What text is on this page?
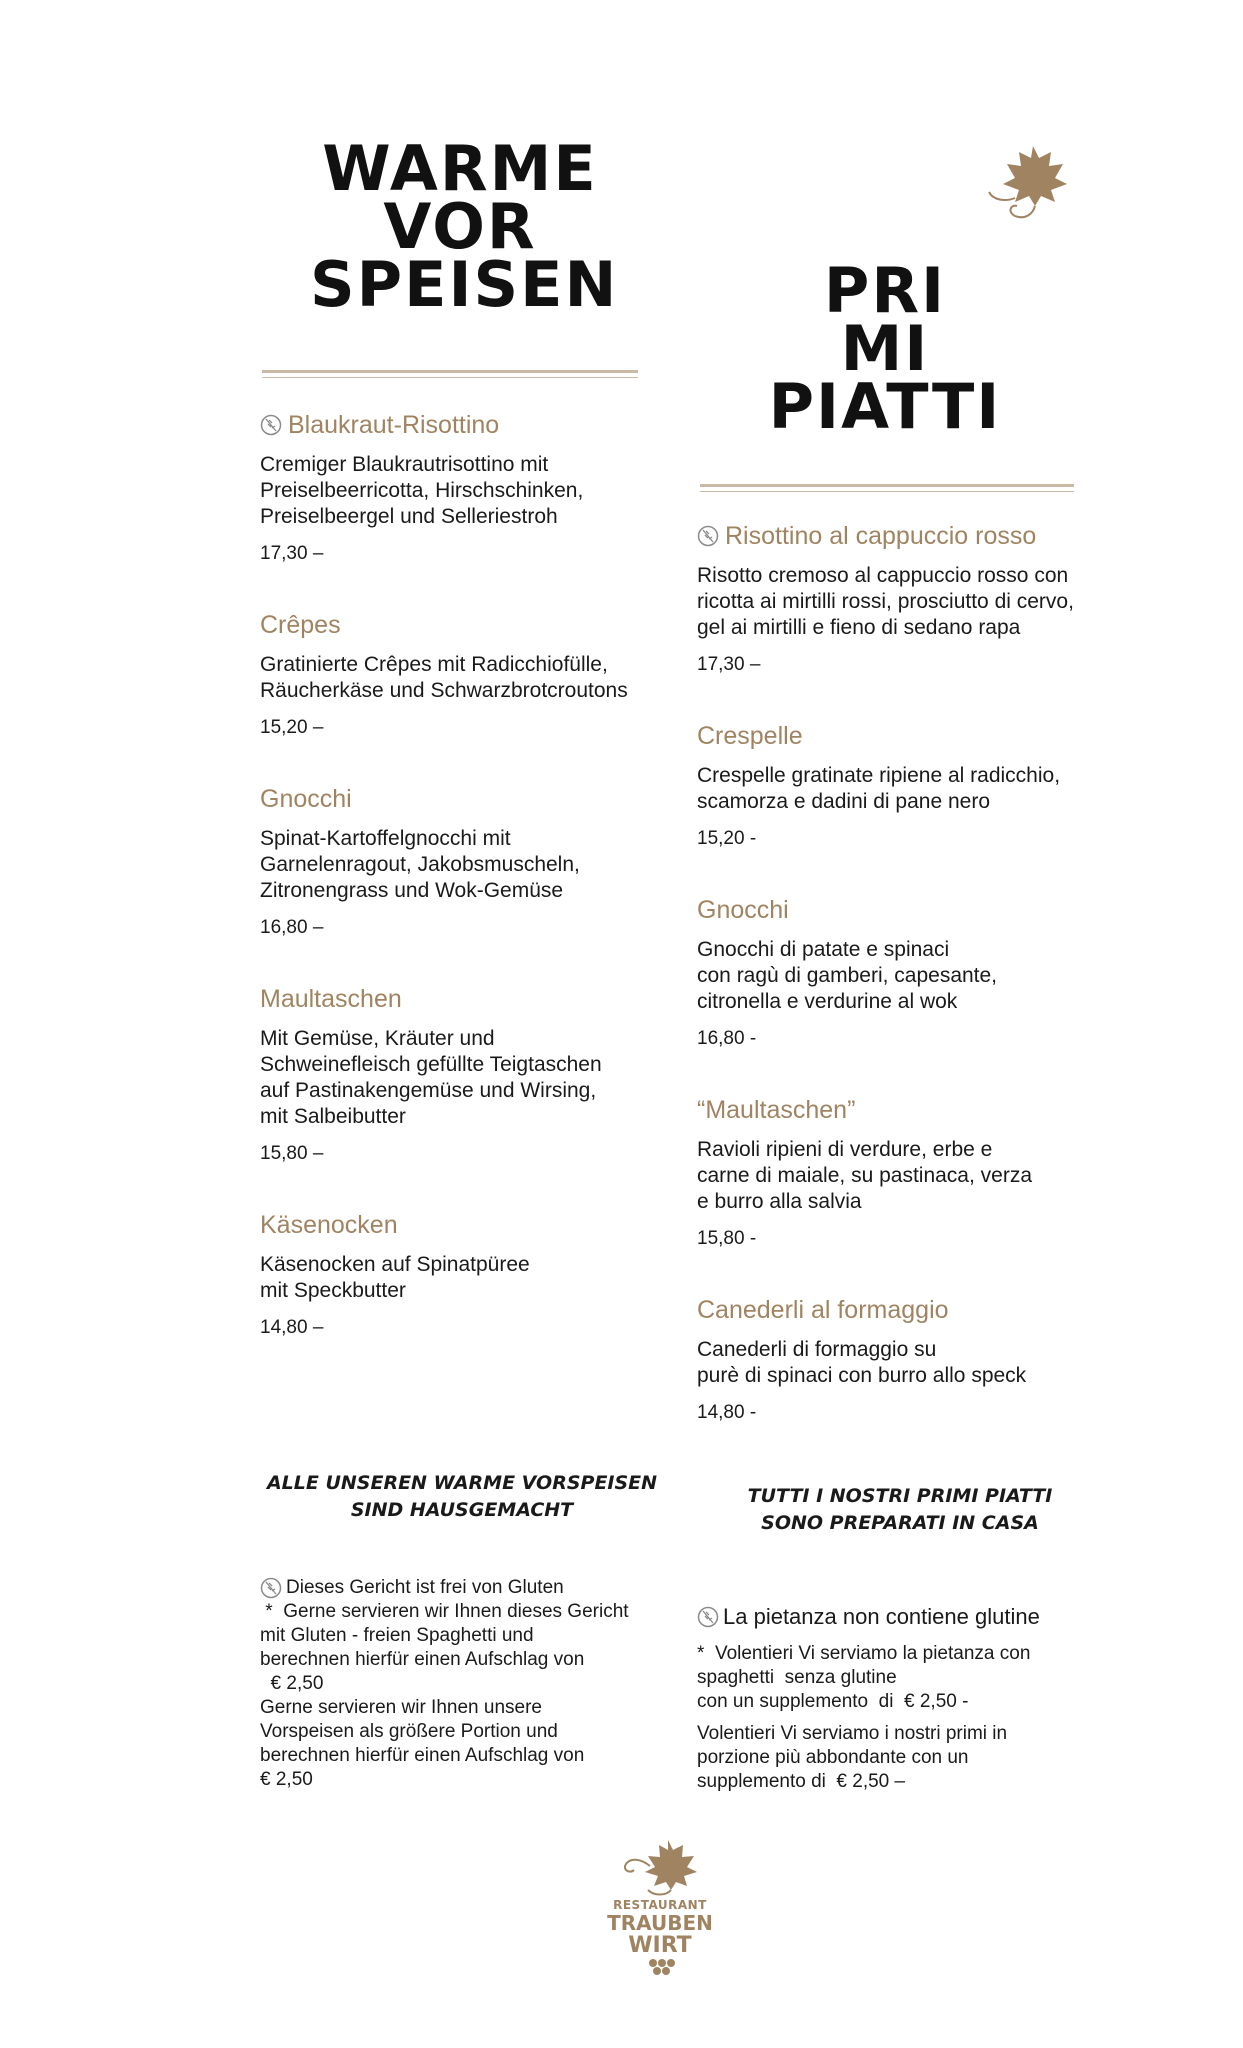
WARME
VOR
SPEISEN	PRI
MI
PIATTI
Blaukraut-Risottino
Cremiger Blaukrautrisottino mit
Preiselbeerricotta, Hirschschinken,
Preiselbeergel und Selleriestroh
17,30 –
Crêpes
Gratinierte Crêpes mit Radicchiofülle,
Räucherkäse und Schwarzbrotcroutons
15,20 –
Gnocchi
Spinat-Kartoffelgnocchi mit
Garnelenragout, Jakobsmuscheln,
Zitronengrass und Wok-Gemüse
16,80 –
Maultaschen
Mit Gemüse, Kräuter und
Schweinefleisch gefüllte Teigtaschen
auf Pastinakengemüse und Wirsing,
mit Salbeibutter
15,80 –
Käsenocken
Käsenocken auf Spinatpüree
mit Speckbutter
14,80 –
Risottino al cappuccio rosso
Risotto cremoso al cappuccio rosso con
ricotta ai mirtilli rossi, prosciutto di cervo,
gel ai mirtilli e fieno di sedano rapa
17,30 –
Crespelle
Crespelle gratinate ripiene al radicchio,
scamorza e dadini di pane nero
15,20 -
Gnocchi
Gnocchi di patate e spinaci
con ragù di gamberi, capesante,
citronella e verdurine al wok
16,80 -
“Maultaschen”
Ravioli ripieni di verdure, erbe e
carne di maiale, su pastinaca, verza
e burro alla salvia
15,80 -
Canederli al formaggio
Canederli di formaggio su
purè di spinaci con burro allo speck
14,80 -
ALLE UNSEREN WARME VORSPEISEN
SIND HAUSGEMACHT
TUTTI I NOSTRI PRIMI PIATTI
SONO PREPARATI IN CASA
Dieses Gericht ist frei von Gluten

*  Gerne servieren wir Ihnen dieses Gericht

mit Gluten - freien Spaghetti und

berechnen hierfür einen Aufschlag von

€ 2,50

Gerne servieren wir Ihnen unsere

Vorspeisen als größere Portion und

berechnen hierfür einen Aufschlag von

€ 2,50

La pietanza non contiene glutine

*  Volentieri Vi serviamo la pietanza con

spaghetti  senza glutine

con un supplemento  di  € 2,50 -

Volentieri Vi serviamo i nostri primi in

porzione più abbondante con un

supplemento di  € 2,50 –

RESTAURANT
TRAUBEN
WIRT
